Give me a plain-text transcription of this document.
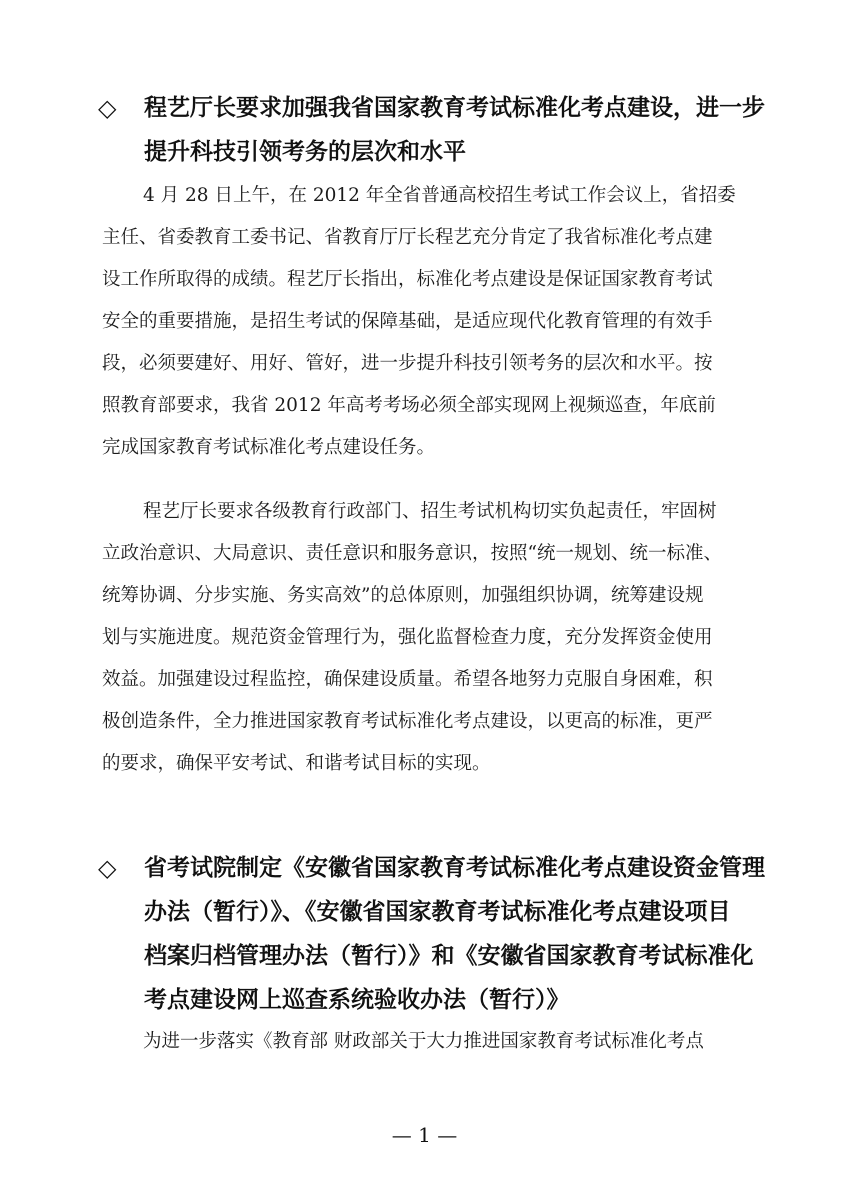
◇ 程艺厅长要求加强我省国家教育考试标准化考点建设，进一步
提升科技引领考务的层次和水平
4 月 28 日上午，在 2012 年全省普通高校招生考试工作会议上，省招委
主任、省委教育工委书记、省教育厅厅长程艺充分肯定了我省标准化考点建
设工作所取得的成绩。程艺厅长指出，标准化考点建设是保证国家教育考试
安全的重要措施，是招生考试的保障基础，是适应现代化教育管理的有效手
段，必须要建好、用好、管好，进一步提升科技引领考务的层次和水平。按
照教育部要求，我省 2012 年高考考场必须全部实现网上视频巡查，年底前
完成国家教育考试标准化考点建设任务。
程艺厅长要求各级教育行政部门、招生考试机构切实负起责任，牢固树
立政治意识、大局意识、责任意识和服务意识，按照“统一规划、统一标准、
统筹协调、分步实施、务实高效”的总体原则，加强组织协调，统筹建设规
划与实施进度。规范资金管理行为，强化监督检查力度，充分发挥资金使用
效益。加强建设过程监控，确保建设质量。希望各地努力克服自身困难，积
极创造条件，全力推进国家教育考试标准化考点建设，以更高的标准，更严
的要求，确保平安考试、和谐考试目标的实现。
◇ 省考试院制定《安徽省国家教育考试标准化考点建设资金管理
办法（暂行）》、《安徽省国家教育考试标准化考点建设项目
档案归档管理办法（暂行）》和《安徽省国家教育考试标准化
考点建设网上巡查系统验收办法（暂行）》
为进一步落实《教育部 财政部关于大力推进国家教育考试标准化考点
— 1 —
